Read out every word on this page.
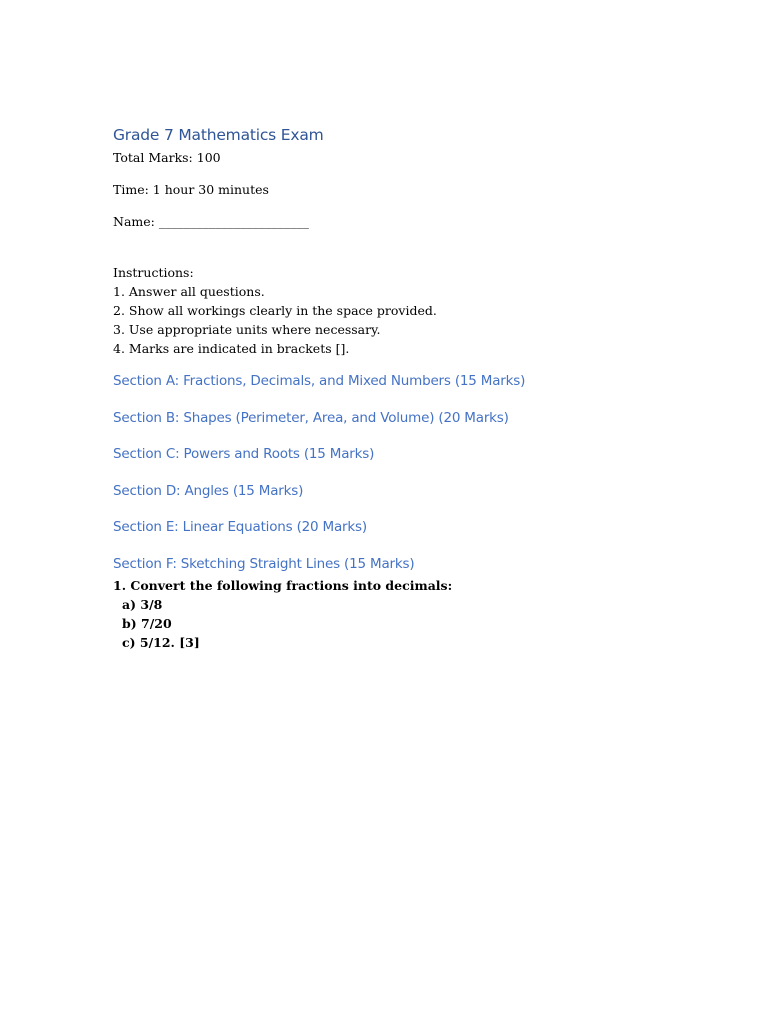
Grade 7 Mathematics Exam

Total Marks: 100

Time: 1 hour 30 minutes

Name: ________________________

Instructions:

1. Answer all questions.
2. Show all workings clearly in the space provided.
3. Use appropriate units where necessary.
4. Marks are indicated in brackets [].
Section A: Fractions, Decimals, and Mixed Numbers (15 Marks)
Section B: Shapes (Perimeter, Area, and Volume) (20 Marks)
Section C: Powers and Roots (15 Marks)
Section D: Angles (15 Marks)
Section E: Linear Equations (20 Marks)
Section F: Sketching Straight Lines (15 Marks)

1. Convert the following fractions into decimals:

a) 3/8
b) 7/20
c) 5/12. [3]
